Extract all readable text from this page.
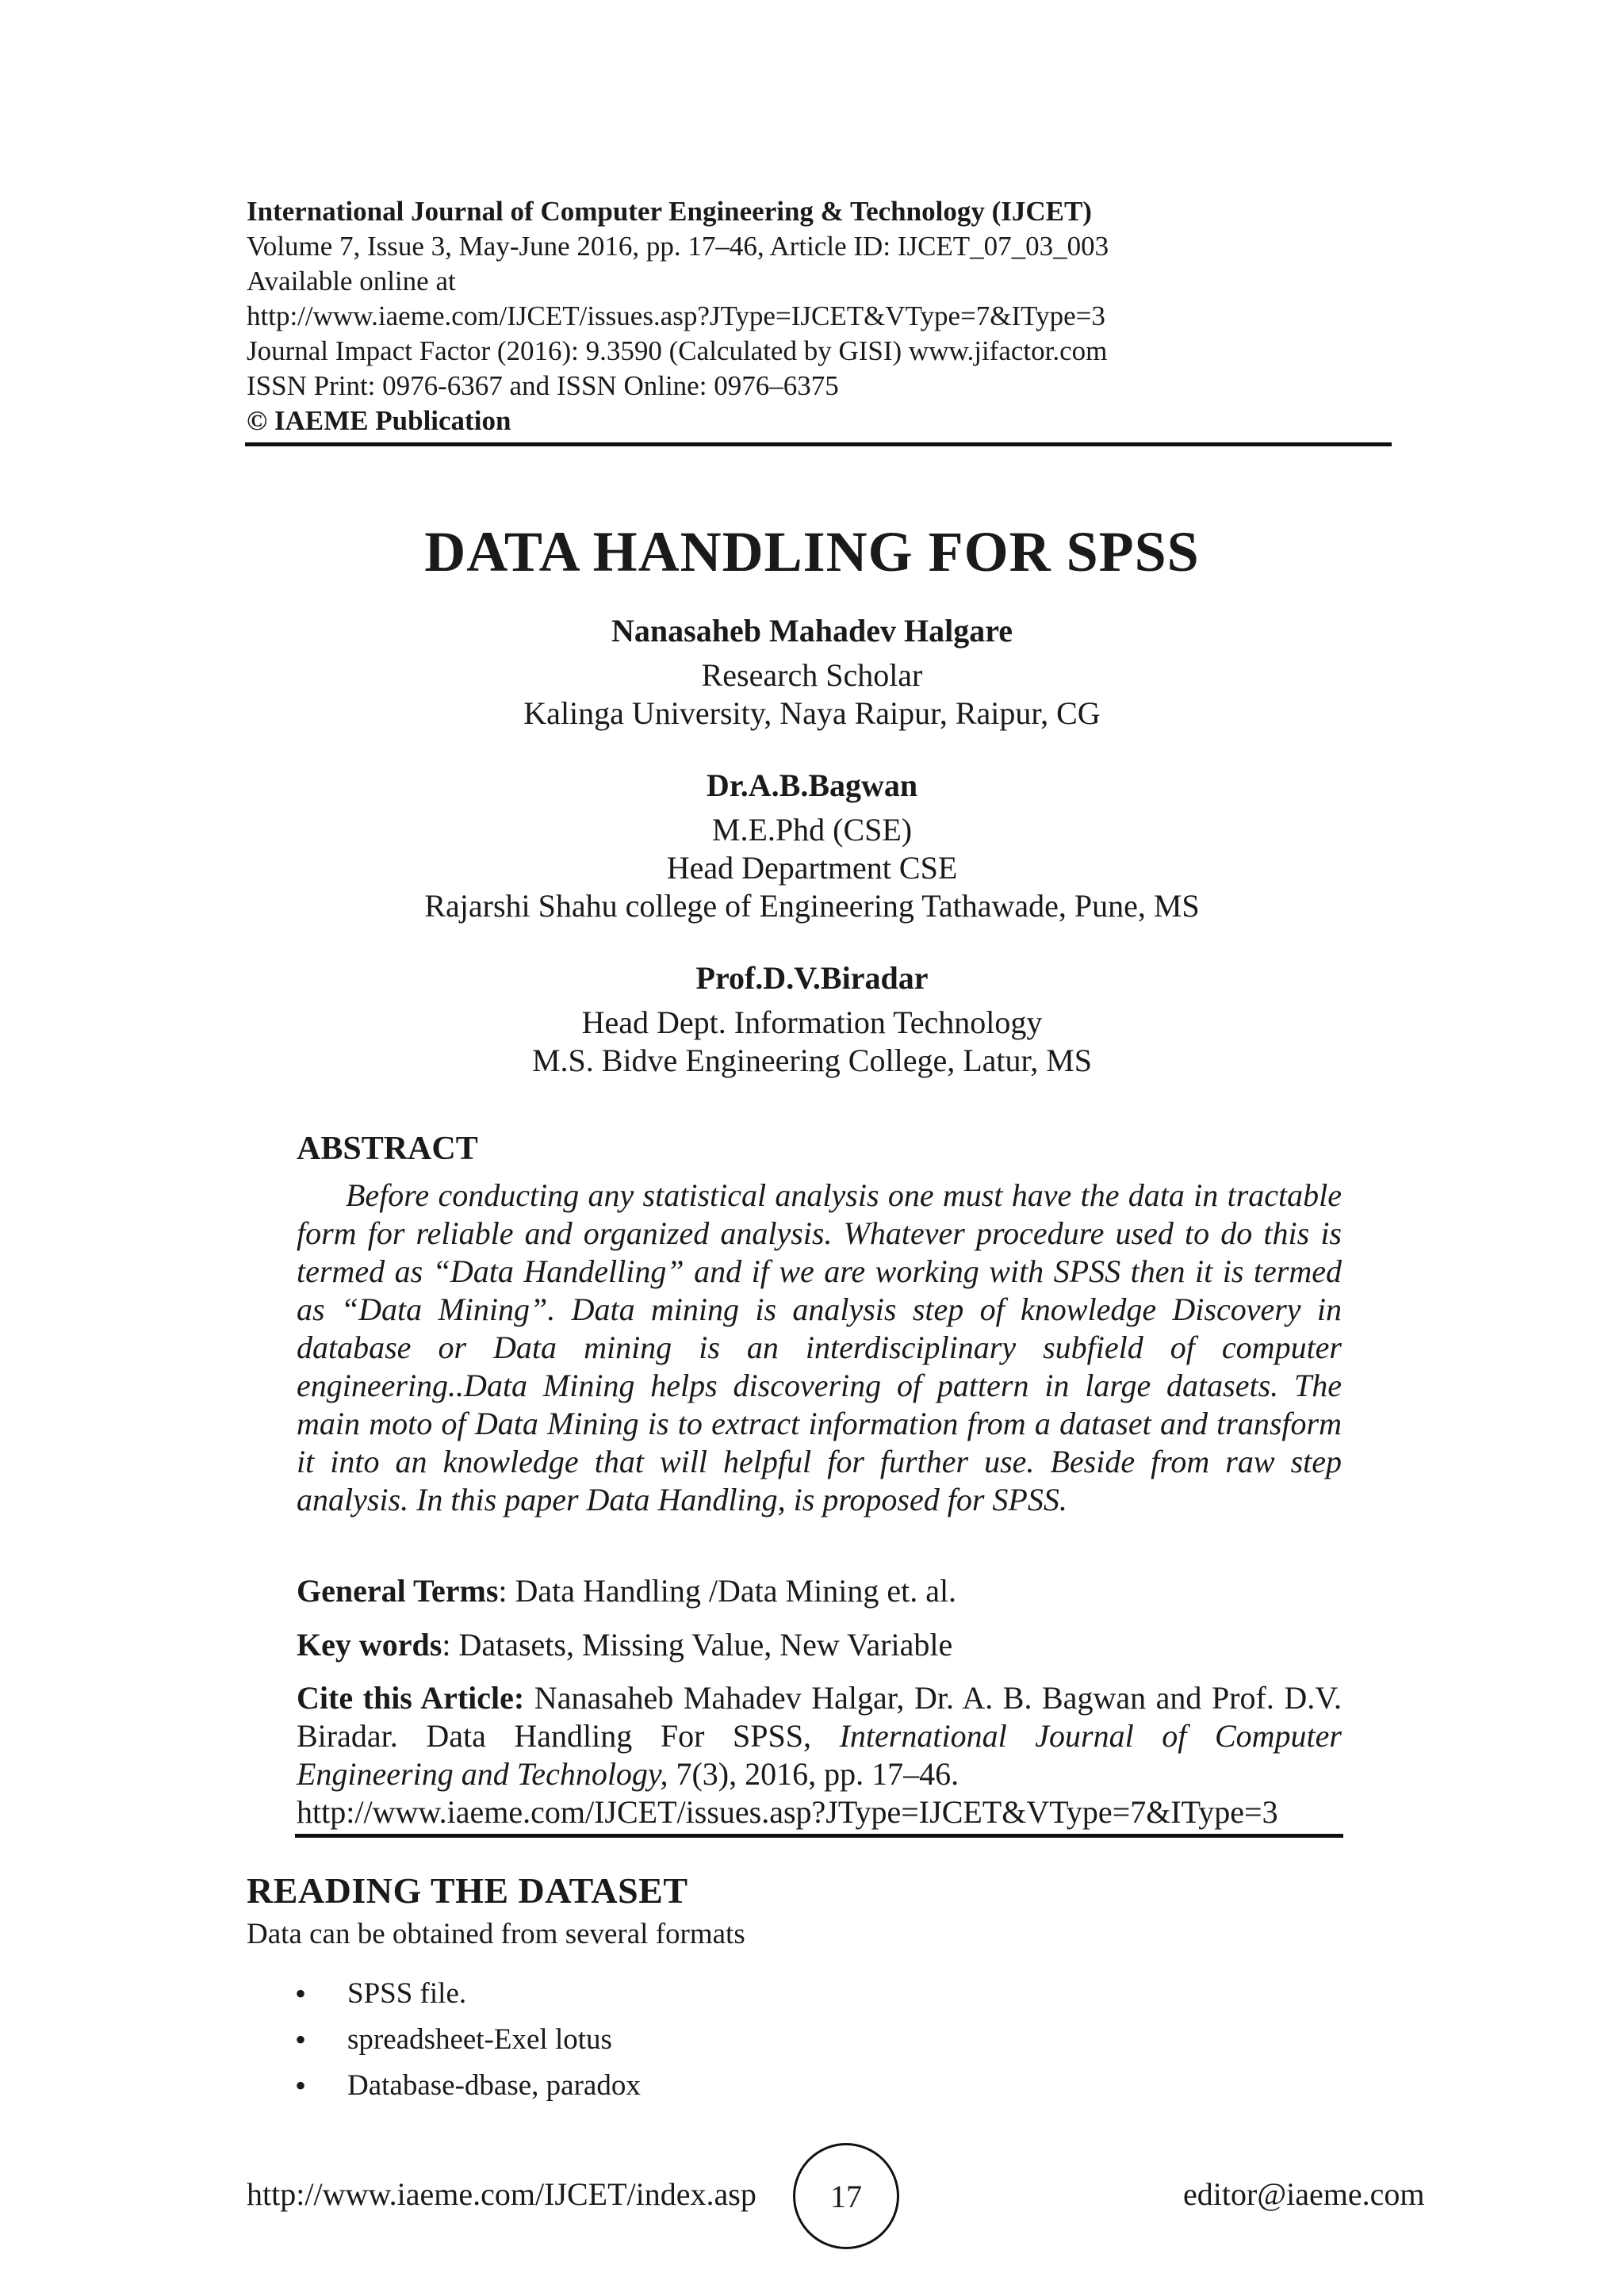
International Journal of Computer Engineering & Technology (IJCET)
Volume 7, Issue 3, May-June 2016, pp. 17–46, Article ID: IJCET_07_03_003
Available online at
http://www.iaeme.com/IJCET/issues.asp?JType=IJCET&VType=7&IType=3
Journal Impact Factor (2016): 9.3590 (Calculated by GISI) www.jifactor.com
ISSN Print: 0976-6367 and ISSN Online: 0976–6375
© IAEME Publication
DATA HANDLING FOR SPSS
Nanasaheb Mahadev Halgare
Research Scholar
Kalinga University, Naya Raipur, Raipur, CG
Dr.A.B.Bagwan
M.E.Phd (CSE)
Head Department CSE
Rajarshi Shahu college of Engineering Tathawade, Pune, MS
Prof.D.V.Biradar
Head Dept. Information Technology
M.S. Bidve Engineering College, Latur, MS
ABSTRACT
Before conducting any statistical analysis one must have the data in tractable form for reliable and organized analysis. Whatever procedure used to do this is termed as “Data Handelling” and if we are working with SPSS then it is termed as “Data Mining”. Data mining is analysis step of knowledge Discovery in database or Data mining is an interdisciplinary subfield of computer engineering..Data Mining helps discovering of pattern in large datasets. The main moto of Data Mining is to extract information from a dataset and transform it into an knowledge that will helpful for further use. Beside from raw step analysis. In this paper Data Handling, is proposed for SPSS.
General Terms: Data Handling /Data Mining et. al.
Key words: Datasets, Missing Value, New Variable
Cite this Article: Nanasaheb Mahadev Halgar, Dr. A. B. Bagwan and Prof. D.V. Biradar. Data Handling For SPSS, International Journal of Computer Engineering and Technology, 7(3), 2016, pp. 17–46.
http://www.iaeme.com/IJCET/issues.asp?JType=IJCET&VType=7&IType=3
READING THE DATASET
Data can be obtained from several formats
• SPSS file.
• spreadsheet-Exel lotus
• Database-dbase, paradox
http://www.iaeme.com/IJCET/index.asp 17	editor@iaeme.com
